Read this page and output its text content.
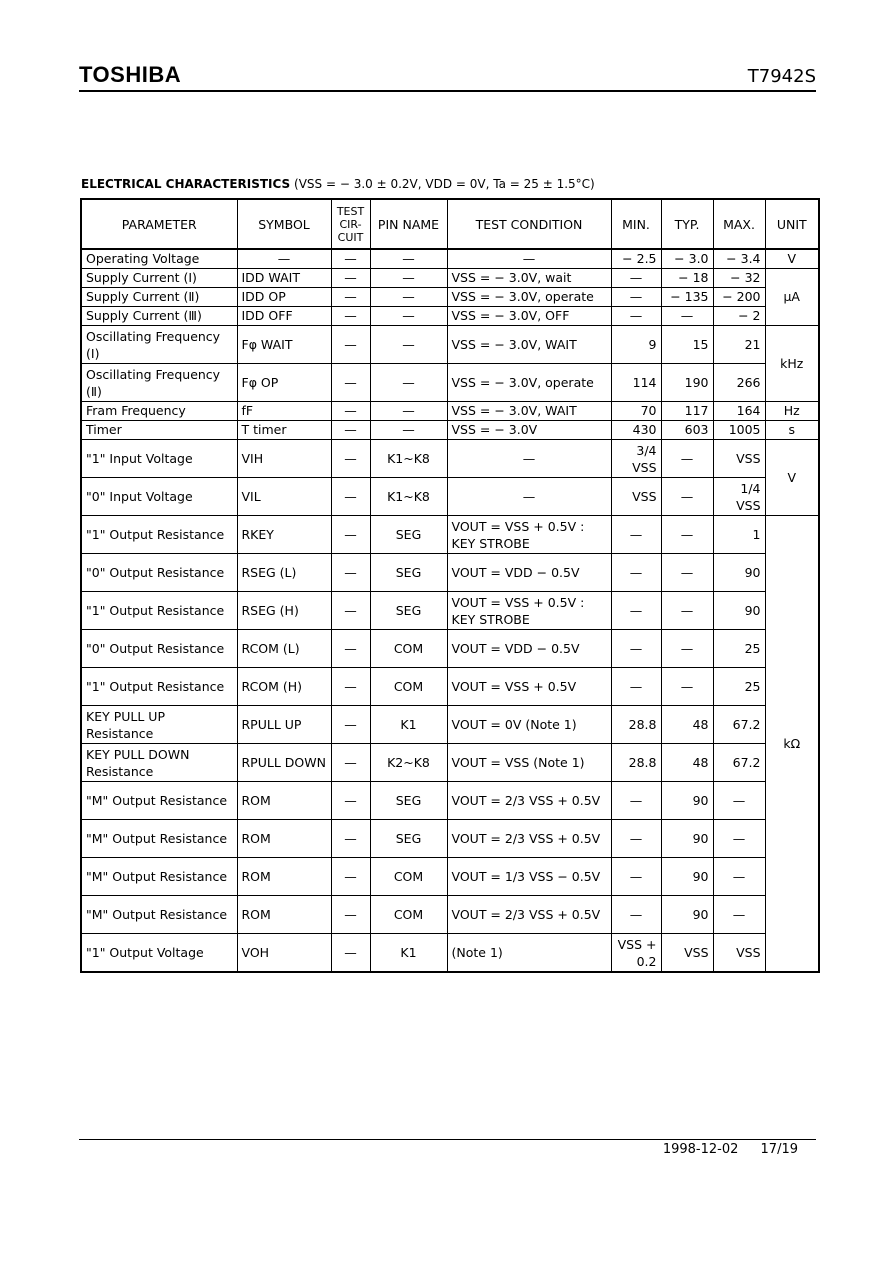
TOSHIBA	T7942S
ELECTRICAL CHARACTERISTICS (VSS = − 3.0 ± 0.2V, VDD = 0V, Ta = 25 ± 1.5°C)
PARAMETER	SYMBOL	TEST CIR-CUIT	PIN NAME	TEST CONDITION	MIN.	TYP.	MAX.	UNIT
Operating Voltage	—	—	—	—	− 2.5	− 3.0	− 3.4	V
Supply Current (Ⅰ)	IDD WAIT	—	—	VSS = − 3.0V, wait	—	− 18	− 32	μA
Supply Current (Ⅱ)	IDD OP	—	—	VSS = − 3.0V, operate	—	− 135	− 200	
Supply Current (Ⅲ)	IDD OFF	—	—	VSS = − 3.0V, OFF	—	—	− 2	
Oscillating Frequency (Ⅰ)	Fφ WAIT	—	—	VSS = − 3.0V, WAIT	9	15	21	kHz
Oscillating Frequency (Ⅱ)	Fφ OP	—	—	VSS = − 3.0V, operate	114	190	266	
Fram Frequency	fF	—	—	VSS = − 3.0V, WAIT	70	117	164	Hz
Timer	T timer	—	—	VSS = − 3.0V	430	603	1005	s
"1" Input Voltage	VIH	—	K1~K8	—	3/4 VSS	—	VSS	V
"0" Input Voltage	VIL	—	K1~K8	—	VSS	—	1/4 VSS	
"1" Output Resistance	RKEY	—	SEG	VOUT = VSS + 0.5V : KEY STROBE	—	—	1	kΩ
"0" Output Resistance	RSEG (L)	—	SEG	VOUT = VDD − 0.5V	—	—	90	
"1" Output Resistance	RSEG (H)	—	SEG	VOUT = VSS + 0.5V : KEY STROBE	—	—	90	
"0" Output Resistance	RCOM (L)	—	COM	VOUT = VDD − 0.5V	—	—	25	
"1" Output Resistance	RCOM (H)	—	COM	VOUT = VSS + 0.5V	—	—	25	
KEY PULL UP Resistance	RPULL UP	—	K1	VOUT = 0V (Note 1)	28.8	48	67.2	
KEY PULL DOWN Resistance	RPULL DOWN	—	K2~K8	VOUT = VSS (Note 1)	28.8	48	67.2	
"M" Output Resistance	ROM	—	SEG	VOUT = 2/3 VSS + 0.5V	—	90	—	
"M" Output Resistance	ROM	—	SEG	VOUT = 2/3 VSS + 0.5V	—	90	—	
"M" Output Resistance	ROM	—	COM	VOUT = 1/3 VSS − 0.5V	—	90	—	
"M" Output Resistance	ROM	—	COM	VOUT = 2/3 VSS + 0.5V	—	90	—	
"1" Output Voltage	VOH	—	K1	(Note 1)	VSS + 0.2	VSS	VSS	
1998-12-02 17/19
